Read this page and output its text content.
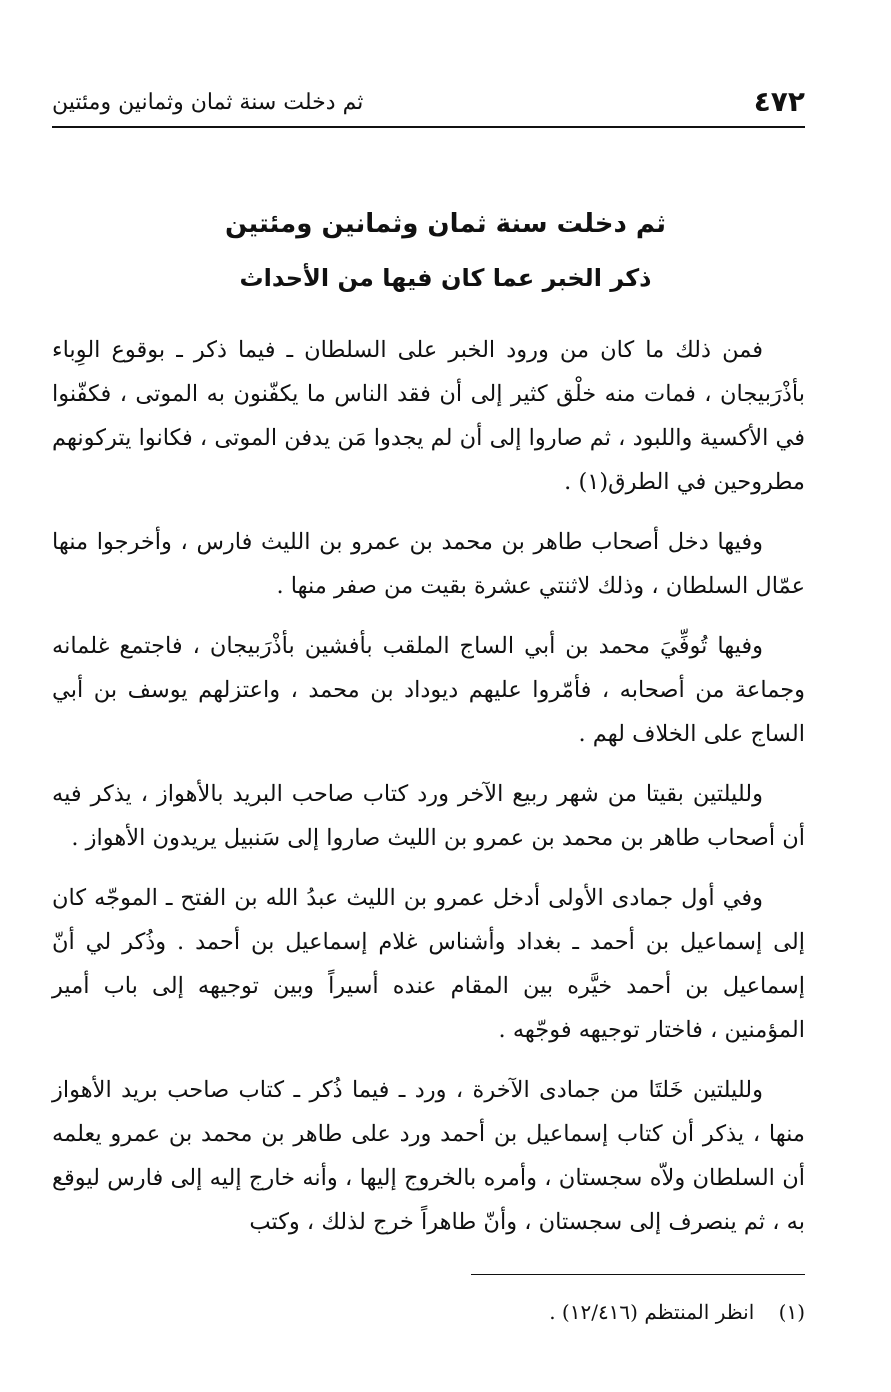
٤٧٢
ثم دخلت سنة ثمان وثمانين ومئتين
ثم دخلت سنة ثمان وثمانين ومئتين
ذكر الخبر عما كان فيها من الأحداث

فمن ذلك ما كان من ورود الخبر على السلطان ـ فيما ذكر ـ بوقوع الوِباء بأذْرَبيجان ، فمات منه خلْق كثير إلى أن فقد الناس ما يكفّنون به الموتى ، فكفّنوا في الأكسية واللبود ، ثم صاروا إلى أن لم يجدوا مَن يدفن الموتى ، فكانوا يتركونهم مطروحين في الطرق(١) .

وفيها دخل أصحاب طاهر بن محمد بن عمرو بن الليث فارس ، وأخرجوا منها عمّال السلطان ، وذلك لاثنتي عشرة بقيت من صفر منها .

وفيها تُوفِّيَ محمد بن أبي الساج الملقب بأفشين بأذْرَبيجان ، فاجتمع غلمانه وجماعة من أصحابه ، فأمّروا عليهم ديوداد بن محمد ، واعتزلهم يوسف بن أبي الساج على الخلاف لهم .

ولليلتين بقيتا من شهر ربيع الآخر ورد كتاب صاحب البريد بالأهواز ، يذكر فيه أن أصحاب طاهر بن محمد بن عمرو بن الليث صاروا إلى سَنبيل يريدون الأهواز .

وفي أول جمادى الأولى أدخل عمرو بن الليث عبدُ الله بن الفتح ـ الموجّه كان إلى إسماعيل بن أحمد ـ بغداد وأشناس غلام إسماعيل بن أحمد . وذُكر لي أنّ إسماعيل بن أحمد خيَّره بين المقام عنده أسيراً وبين توجيهه إلى باب أمير المؤمنين ، فاختار توجيهه فوجّهه .

ولليلتين خَلتَا من جمادى الآخرة ، ورد ـ فيما ذُكر ـ كتاب صاحب بريد الأهواز منها ، يذكر أن كتاب إسماعيل بن أحمد ورد على طاهر بن محمد بن عمرو يعلمه أن السلطان ولاّه سجستان ، وأمره بالخروج إليها ، وأنه خارج إليه إلى فارس ليوقع به ، ثم ينصرف إلى سجستان ، وأنّ طاهراً خرج لذلك ، وكتب

(١) انظر المنتظم (١٢/٤١٦) .
